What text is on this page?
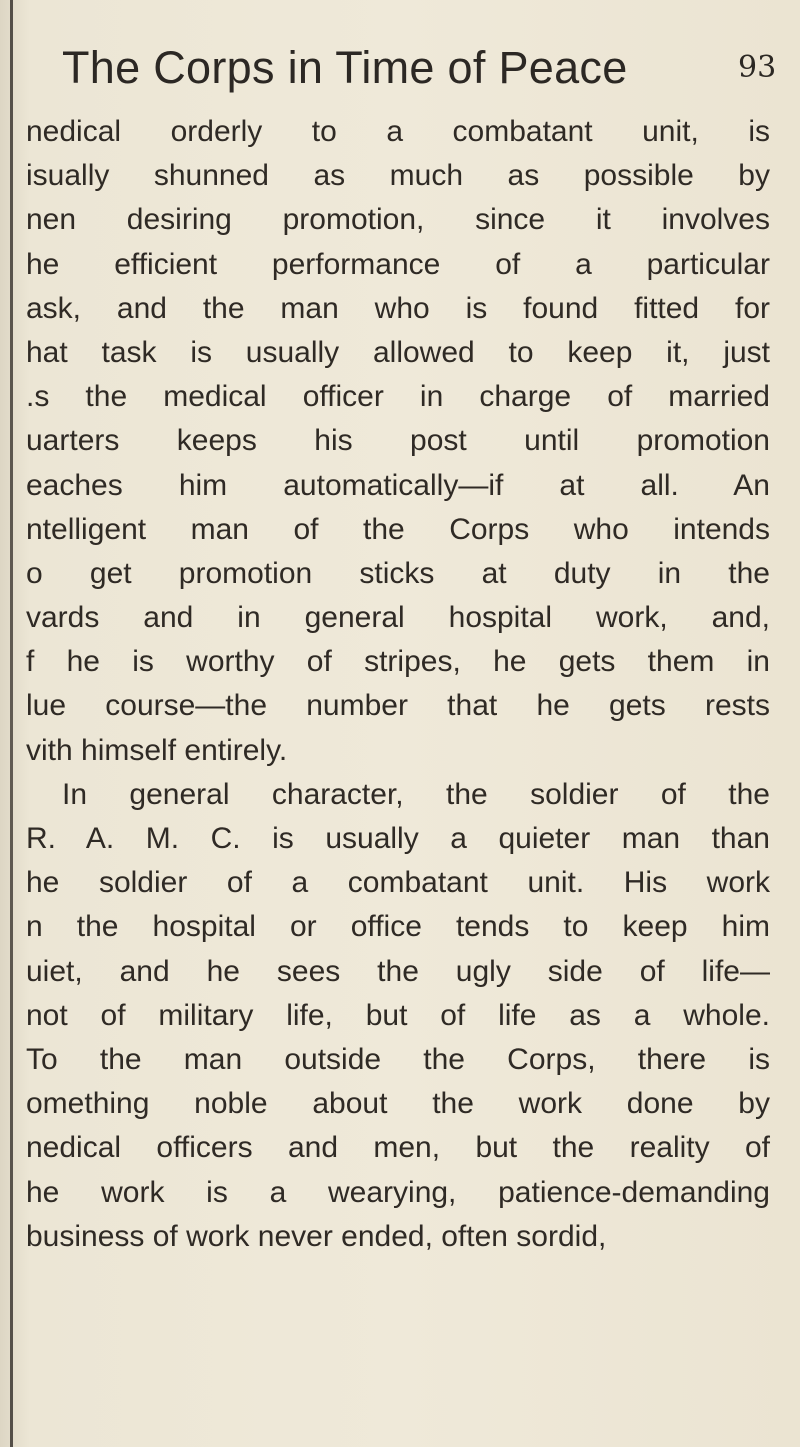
The Corps in Time of Peace	93
nedical orderly to a combatant unit, is
isually shunned as much as possible by
nen desiring promotion, since it involves
he efficient performance of a particular
ask, and the man who is found fitted for
hat task is usually allowed to keep it, just
.s the medical officer in charge of married
uarters keeps his post until promotion
eaches him automatically—if at all. An
ntelligent man of the Corps who intends
o get promotion sticks at duty in the
vards and in general hospital work, and,
f he is worthy of stripes, he gets them in
lue course—the number that he gets rests
vith himself entirely.
In general character, the soldier of the
R. A. M. C. is usually a quieter man than
he soldier of a combatant unit. His work
n the hospital or office tends to keep him
uiet, and he sees the ugly side of life—
not of military life, but of life as a whole.
To the man outside the Corps, there is
omething noble about the work done by
nedical officers and men, but the reality of
he work is a wearying, patience-demanding
business of work never ended, often sordid,
